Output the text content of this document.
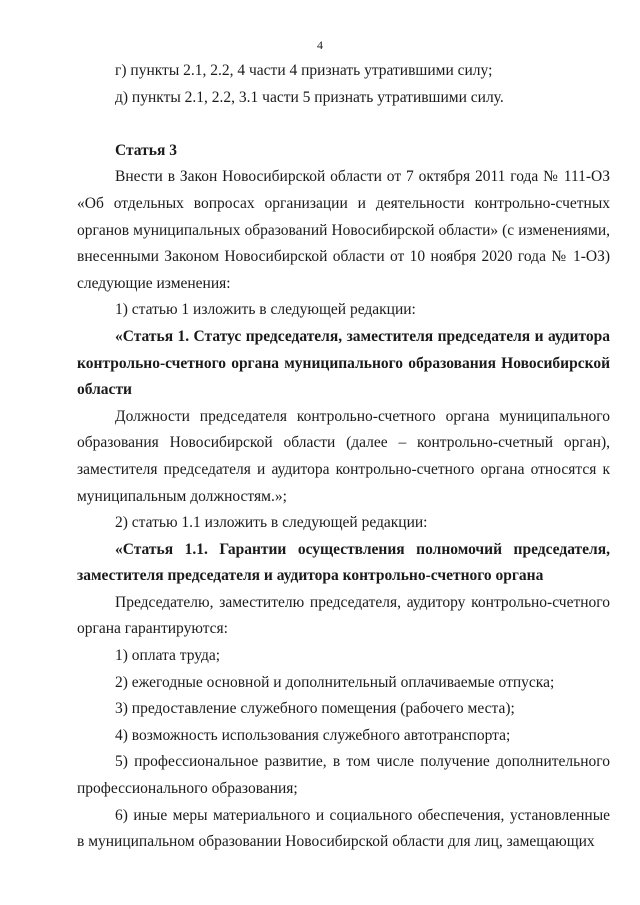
4

г) пункты 2.1, 2.2, 4 части 4 признать утратившими силу;

д) пункты 2.1, 2.2, 3.1 части 5 признать утратившими силу.

Статья 3

Внести в Закон Новосибирской области от 7 октября 2011 года № 111-ОЗ «Об отдельных вопросах организации и деятельности контрольно-счетных органов муниципальных образований Новосибирской области» (с изменениями, внесенными Законом Новосибирской области от 10 ноября 2020 года № 1-ОЗ) следующие изменения:

1) статью 1 изложить в следующей редакции:

«Статья 1. Статус председателя, заместителя председателя и аудитора контрольно-счетного органа муниципального образования Новосибирской области

Должности председателя контрольно-счетного органа муниципального образования Новосибирской области (далее – контрольно-счетный орган), заместителя председателя и аудитора контрольно-счетного органа относятся к муниципальным должностям.»;

2) статью 1.1 изложить в следующей редакции:

«Статья 1.1. Гарантии осуществления полномочий председателя, заместителя председателя и аудитора контрольно-счетного органа

Председателю, заместителю председателя, аудитору контрольно-счетного органа гарантируются:

1) оплата труда;

2) ежегодные основной и дополнительный оплачиваемые отпуска;

3) предоставление служебного помещения (рабочего места);

4) возможность использования служебного автотранспорта;

5) профессиональное развитие, в том числе получение дополнительного профессионального образования;

6) иные меры материального и социального обеспечения, установленные в муниципальном образовании Новосибирской области для лиц, замещающих
